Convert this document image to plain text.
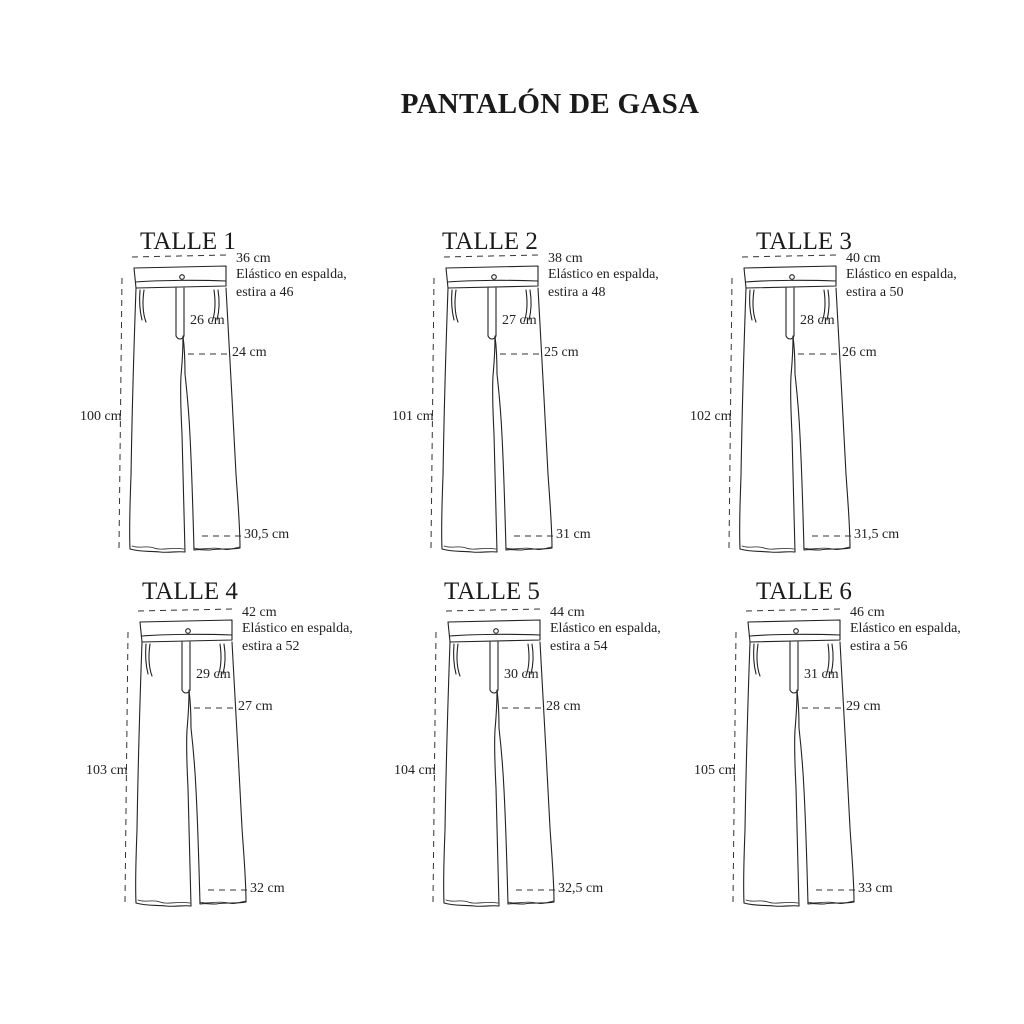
PANTALÓN DE GASA
TALLE 1
36 cm
Elástico en espalda,
estira a 46
26 cm
24 cm
100 cm
30,5 cm
TALLE 2
38 cm
Elástico en espalda,
estira a 48
27 cm
25 cm
101 cm
31 cm
TALLE 3
40 cm
Elástico en espalda,
estira a 50
28 cm
26 cm
102 cm
31,5 cm
TALLE 4
42 cm
Elástico en espalda,
estira a 52
29 cm
27 cm
103 cm
32 cm
TALLE 5
44 cm
Elástico en espalda,
estira a 54
30 cm
28 cm
104 cm
32,5 cm
TALLE 6
46 cm
Elástico en espalda,
estira a 56
31 cm
29 cm
105 cm
33 cm
